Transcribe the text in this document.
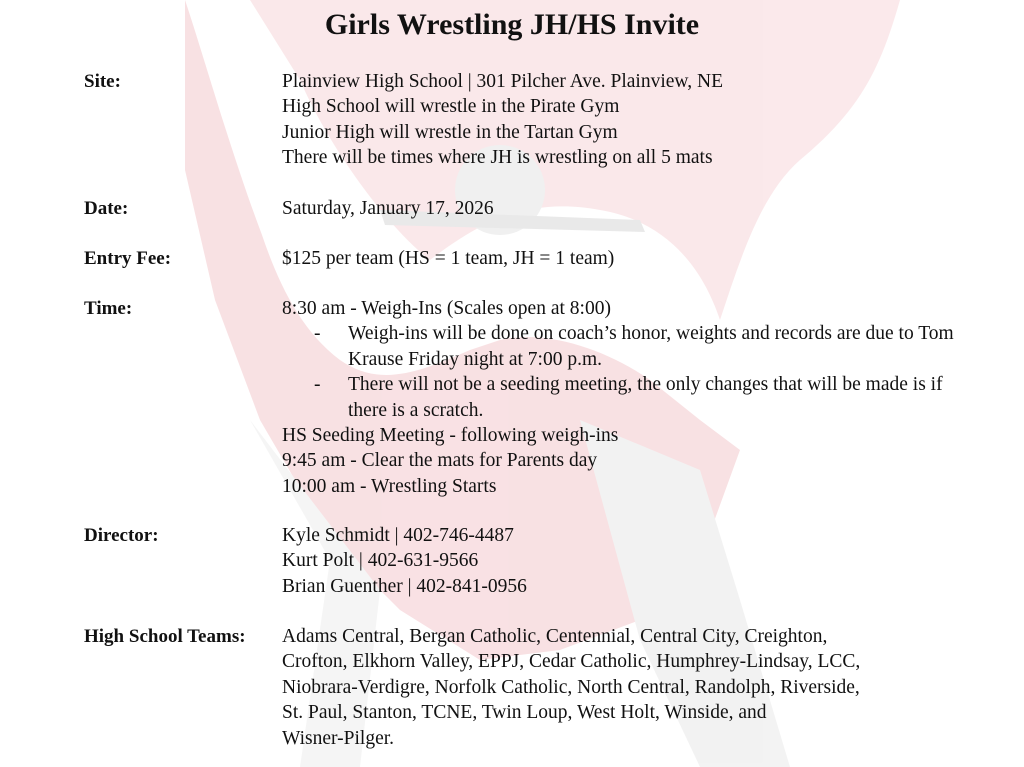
Girls Wrestling JH/HS Invite
Site:	Plainview High School | 301 Pilcher Ave. Plainview, NE
High School will wrestle in the Pirate Gym
Junior High will wrestle in the Tartan Gym
There will be times where JH is wrestling on all 5 mats
Date:	Saturday, January 17, 2026
Entry Fee:	$125 per team (HS = 1 team, JH = 1 team)
Time:	8:30 am - Weigh-Ins (Scales open at 8:00)
- Weigh-ins will be done on coach’s honor, weights and records are due to Tom Krause Friday night at 7:00 p.m.
- There will not be a seeding meeting, the only changes that will be made is if there is a scratch.
HS Seeding Meeting - following weigh-ins
9:45 am - Clear the mats for Parents day
10:00 am - Wrestling Starts
Director:	Kyle Schmidt | 402-746-4487
Kurt Polt | 402-631-9566
Brian Guenther | 402-841-0956
High School Teams: Adams Central, Bergan Catholic, Centennial, Central City, Creighton,
Crofton, Elkhorn Valley, EPPJ, Cedar Catholic, Humphrey-Lindsay, LCC,
Niobrara-Verdigre, Norfolk Catholic, North Central, Randolph, Riverside,
St. Paul, Stanton, TCNE, Twin Loup, West Holt, Winside, and
Wisner-Pilger.
